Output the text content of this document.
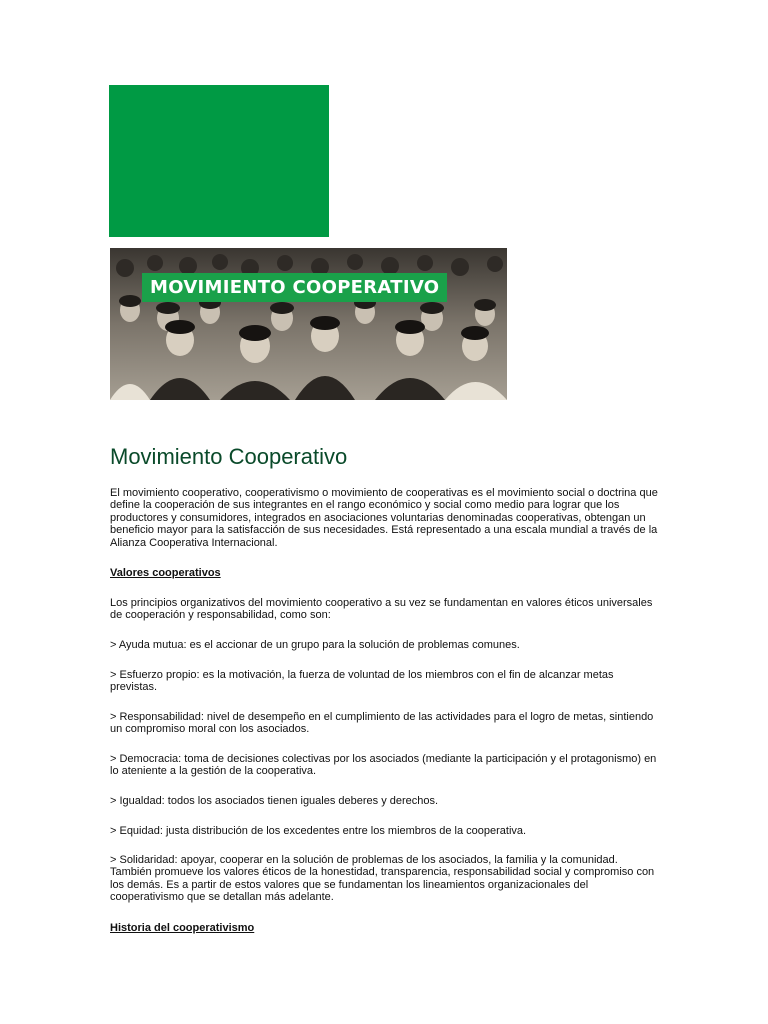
MOVIMIENTO COOPERATIVO
Movimiento Cooperativo

El movimiento cooperativo, cooperativismo o movimiento de cooperativas es el movimiento social o doctrina que define la cooperación de sus integrantes en el rango económico y social como medio para lograr que los productores y consumidores, integrados en asociaciones voluntarias denominadas cooperativas, obtengan un beneficio mayor para la satisfacción de sus necesidades. Está representado a una escala mundial a través de la Alianza Cooperativa Internacional.

Valores cooperativos

Los principios organizativos del movimiento cooperativo a su vez se fundamentan en valores éticos universales de cooperación y responsabilidad, como son:

> Ayuda mutua: es el accionar de un grupo para la solución de problemas comunes.

> Esfuerzo propio: es la motivación, la fuerza de voluntad de los miembros con el fin de alcanzar metas previstas.

> Responsabilidad: nivel de desempeño en el cumplimiento de las actividades para el logro de metas, sintiendo un compromiso moral con los asociados.

> Democracia: toma de decisiones colectivas por los asociados (mediante la participación y el protagonismo) en lo ateniente a la gestión de la cooperativa.

> Igualdad: todos los asociados tienen iguales deberes y derechos.

> Equidad: justa distribución de los excedentes entre los miembros de la cooperativa.

> Solidaridad: apoyar, cooperar en la solución de problemas de los asociados, la familia y la comunidad. También promueve los valores éticos de la honestidad, transparencia, responsabilidad social y compromiso con los demás. Es a partir de estos valores que se fundamentan los lineamientos organizacionales del cooperativismo que se detallan más adelante.

Historia del cooperativismo
